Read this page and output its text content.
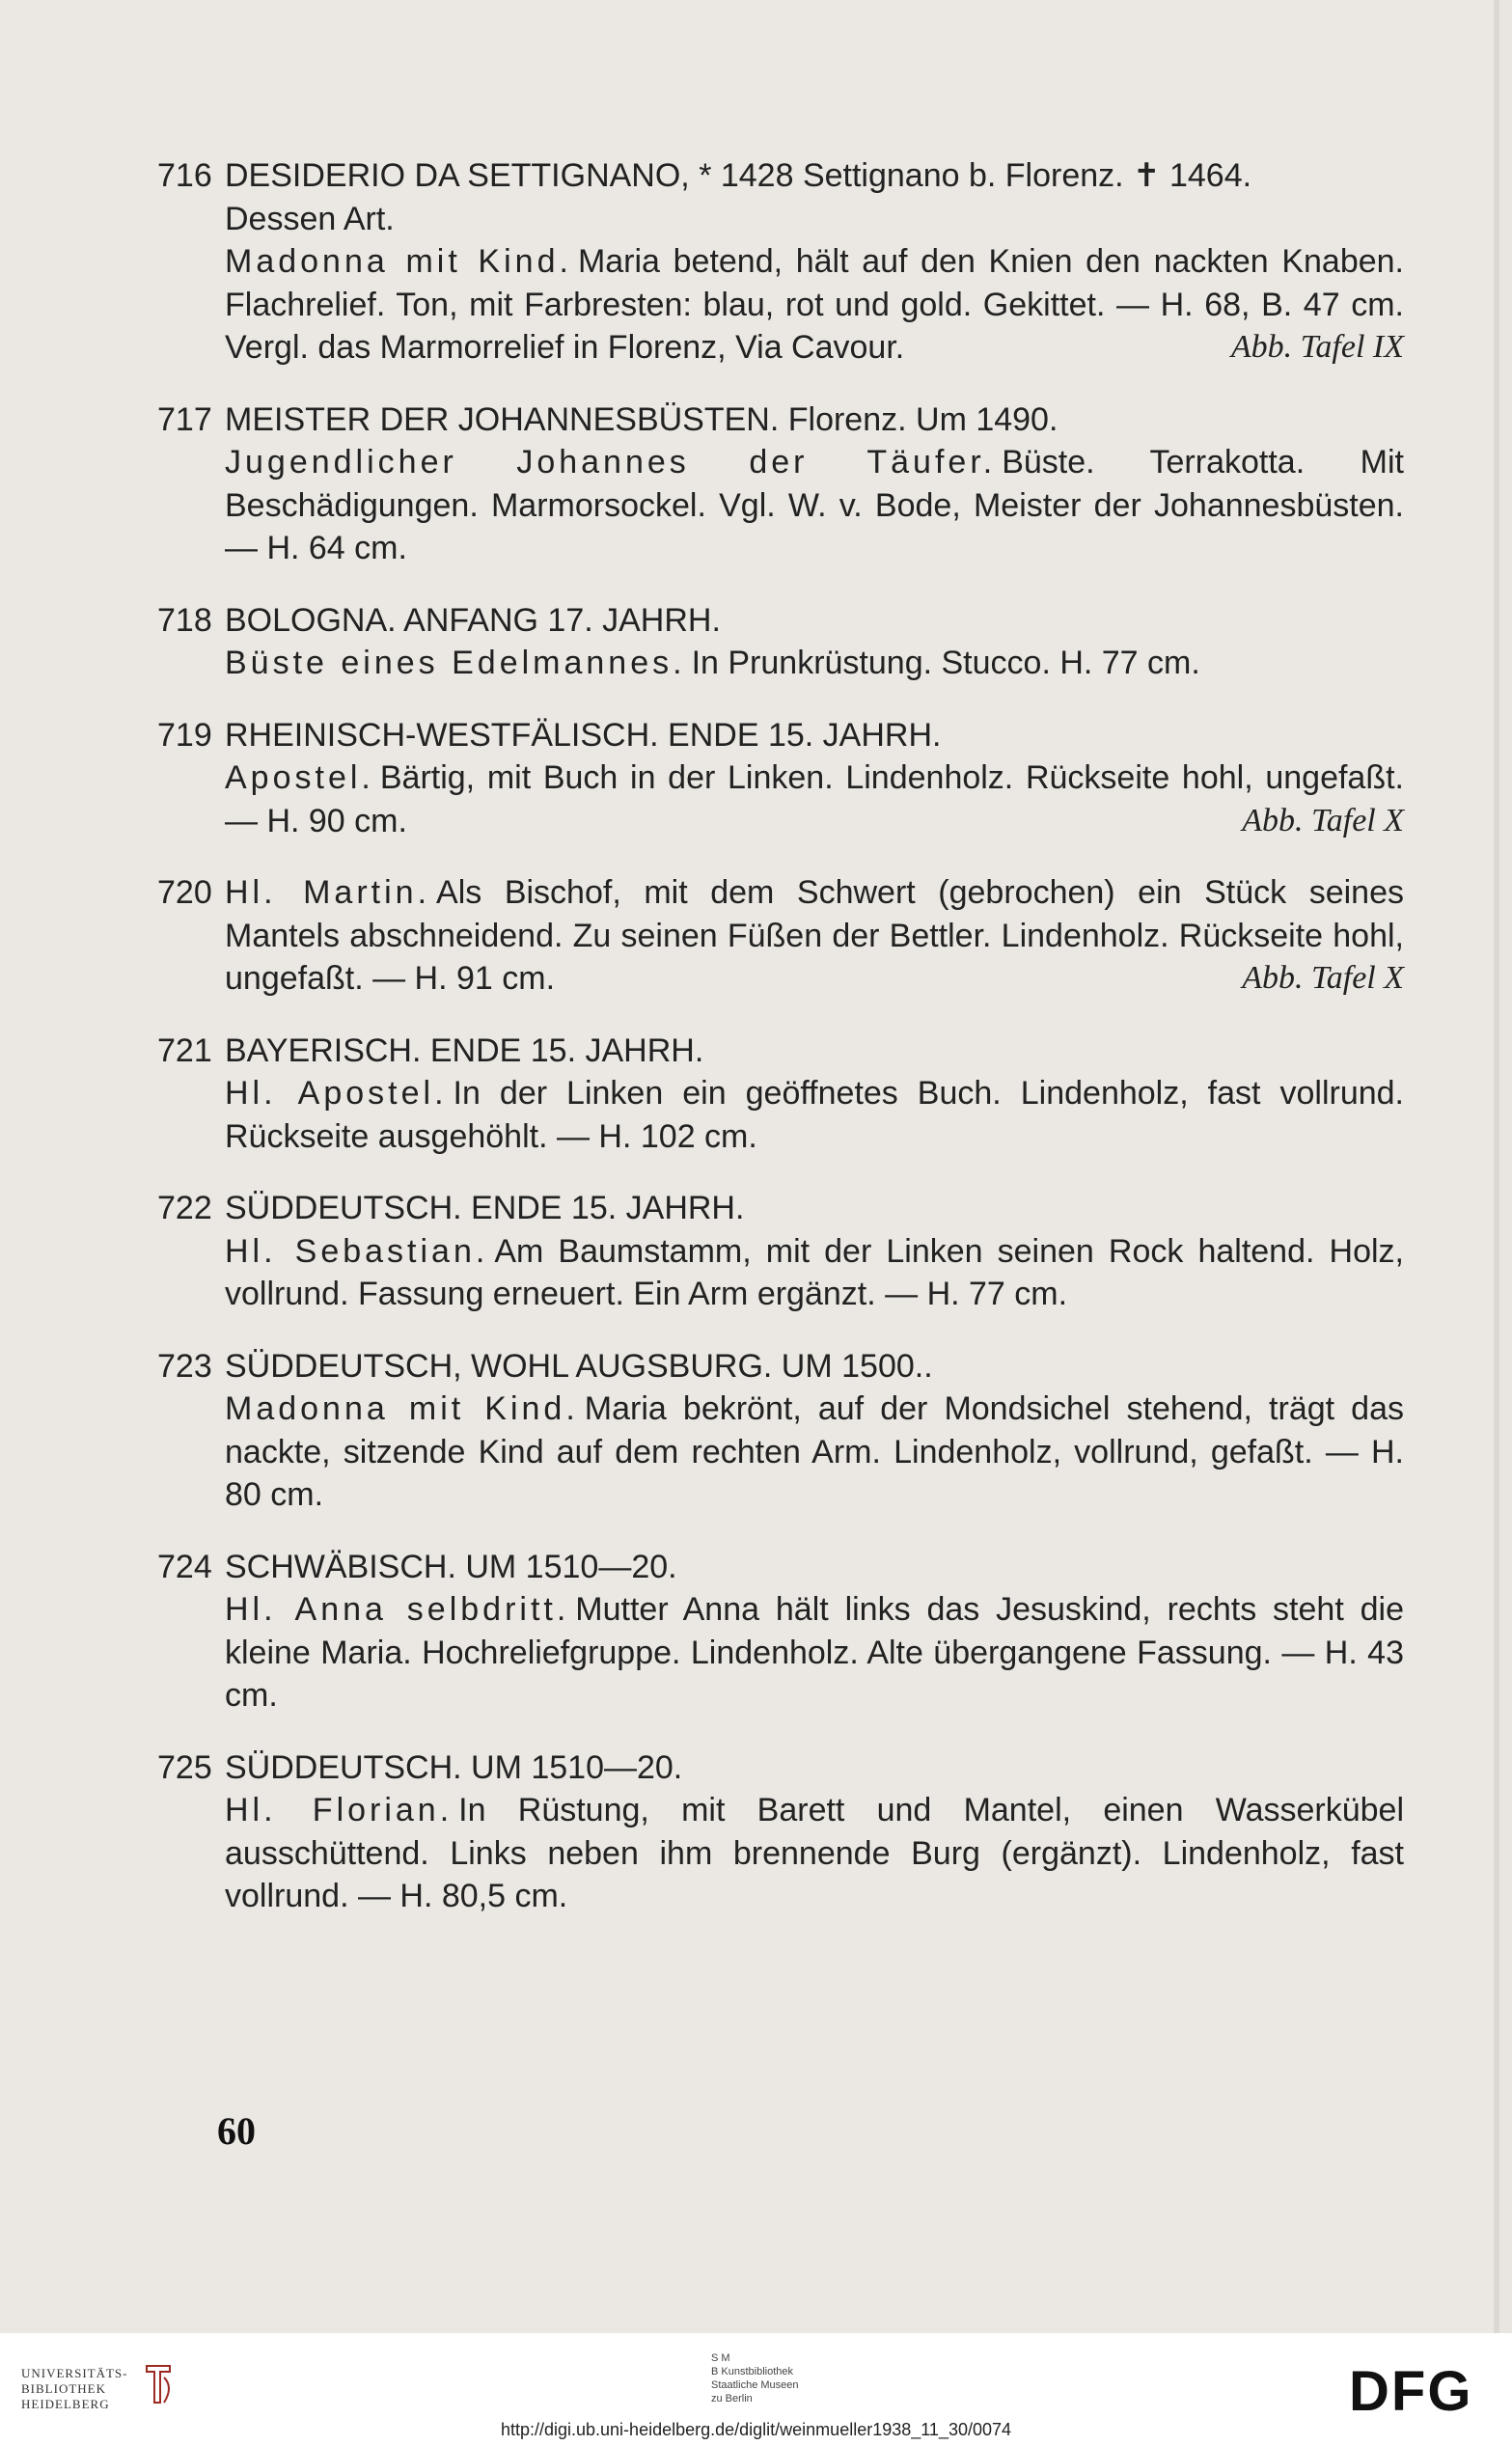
716 DESIDERIO DA SETTIGNANO, * 1428 Settignano b. Florenz. ✝ 1464.
Dessen Art.
Madonna mit Kind. Maria betend, hält auf den Knien den nackten Knaben. Flachrelief. Ton, mit Farbresten: blau, rot und gold. Gekittet. — H. 68, B. 47 cm. Vergl. das Marmorrelief in Florenz, Via Cavour.	Abb. Tafel IX
717 MEISTER DER JOHANNESBÜSTEN. Florenz. Um 1490.
Jugendlicher Johannes der Täufer. Büste. Terrakotta. Mit Beschädigungen. Marmorsockel. Vgl. W. v. Bode, Meister der Johannesbüsten. — H. 64 cm.
718 BOLOGNA. ANFANG 17. JAHRH.
Büste eines Edelmannes. In Prunkrüstung. Stucco. H. 77 cm.
719 RHEINISCH-WESTFÄLISCH. ENDE 15. JAHRH.
Apostel. Bärtig, mit Buch in der Linken. Lindenholz. Rückseite hohl, ungefaßt. — H. 90 cm.	Abb. Tafel X
720 Hl. Martin. Als Bischof, mit dem Schwert (gebrochen) ein Stück seines Mantels abschneidend. Zu seinen Füßen der Bettler. Lindenholz. Rückseite hohl, ungefaßt. — H. 91 cm.	Abb. Tafel X
721 BAYERISCH. ENDE 15. JAHRH.
Hl. Apostel. In der Linken ein geöffnetes Buch. Lindenholz, fast vollrund. Rückseite ausgehöhlt. — H. 102 cm.
722 SÜDDEUTSCH. ENDE 15. JAHRH.
Hl. Sebastian. Am Baumstamm, mit der Linken seinen Rock haltend. Holz, vollrund. Fassung erneuert. Ein Arm ergänzt. — H. 77 cm.
723 SÜDDEUTSCH, WOHL AUGSBURG. UM 1500..
Madonna mit Kind. Maria bekrönt, auf der Mondsichel stehend, trägt das nackte, sitzende Kind auf dem rechten Arm. Lindenholz, vollrund, gefaßt. — H. 80 cm.
724 SCHWÄBISCH. UM 1510—20.
Hl. Anna selbdritt. Mutter Anna hält links das Jesuskind, rechts steht die kleine Maria. Hochreliefgruppe. Lindenholz. Alte übergangene Fassung. — H. 43 cm.
725 SÜDDEUTSCH. UM 1510—20.
Hl. Florian. In Rüstung, mit Barett und Mantel, einen Wasserkübel ausschüttend. Links neben ihm brennende Burg (ergänzt). Lindenholz, fast vollrund. — H. 80,5 cm.
60
UNIVERSITÄTS-
BIBLIOTHEK
HEIDELBERG
S M
B Kunstbibliothek
Staatliche Museen
zu Berlin	DFG
http://digi.ub.uni-heidelberg.de/diglit/weinmueller1938_11_30/0074
